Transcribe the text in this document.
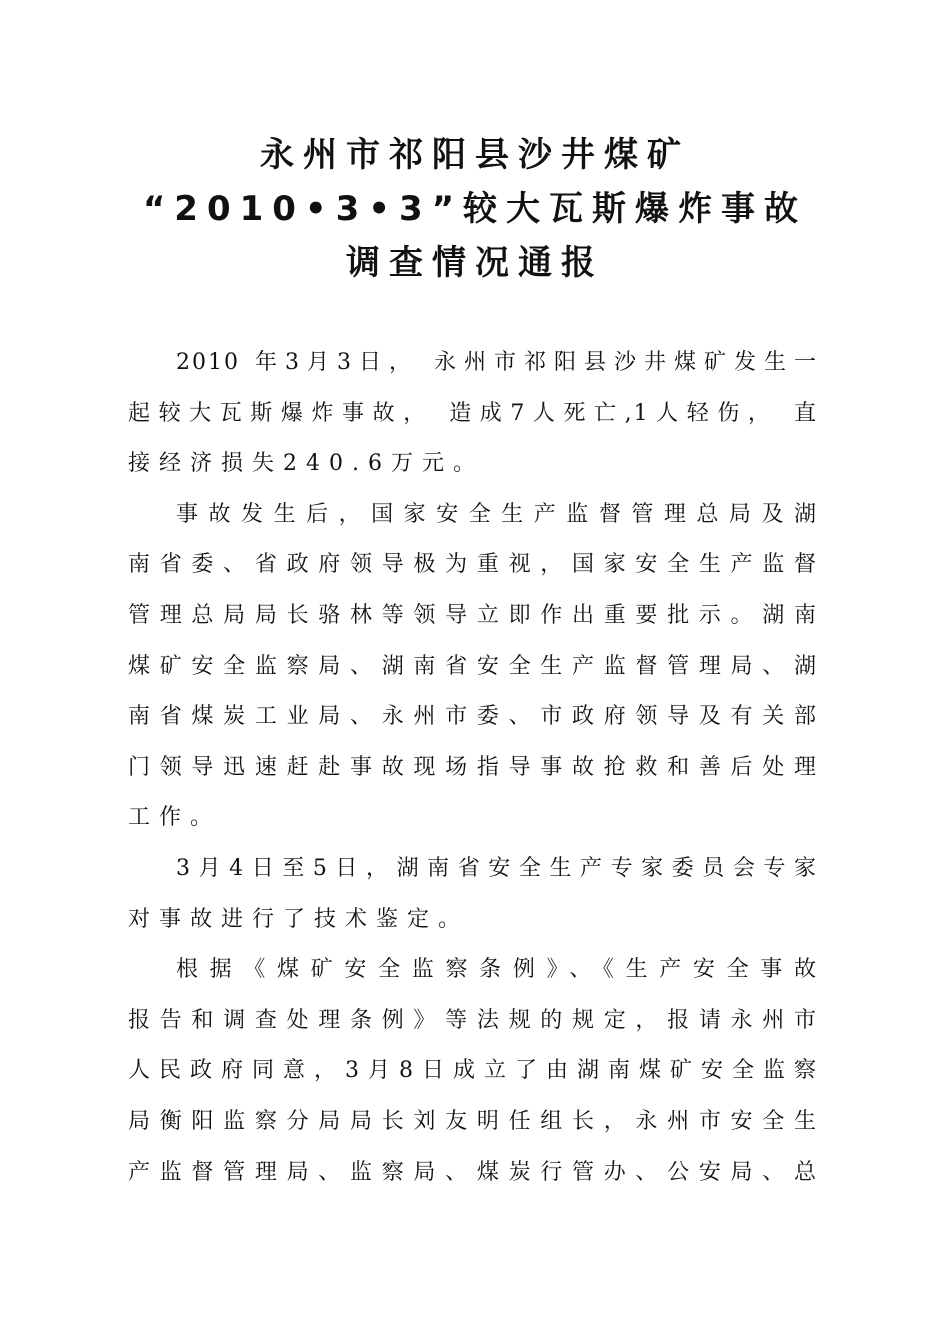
永州市祁阳县沙井煤矿
“2010•3•3”较大瓦斯爆炸事故
调查情况通报
2010 年3月3日， 永州市祁阳县沙井煤矿发生一
起较大瓦斯爆炸事故， 造成7人死亡,1人轻伤， 直
接经济损失240.6万元。
事故发生后，国家安全生产监督管理总局及湖
南省委、省政府领导极为重视，国家安全生产监督
管理总局局长骆林等领导立即作出重要批示。湖南
煤矿安全监察局、湖南省安全生产监督管理局、湖
南省煤炭工业局、永州市委、市政府领导及有关部
门领导迅速赶赴事故现场指导事故抢救和善后处理
工作。
3月4日至5日，湖南省安全生产专家委员会专家
对事故进行了技术鉴定。
根据《煤矿安全监察条例》、《生产安全事故
报告和调查处理条例》等法规的规定，报请永州市
人民政府同意，3月8日成立了由湖南煤矿安全监察
局衡阳监察分局局长刘友明任组长，永州市安全生
产监督管理局、监察局、煤炭行管办、公安局、总
